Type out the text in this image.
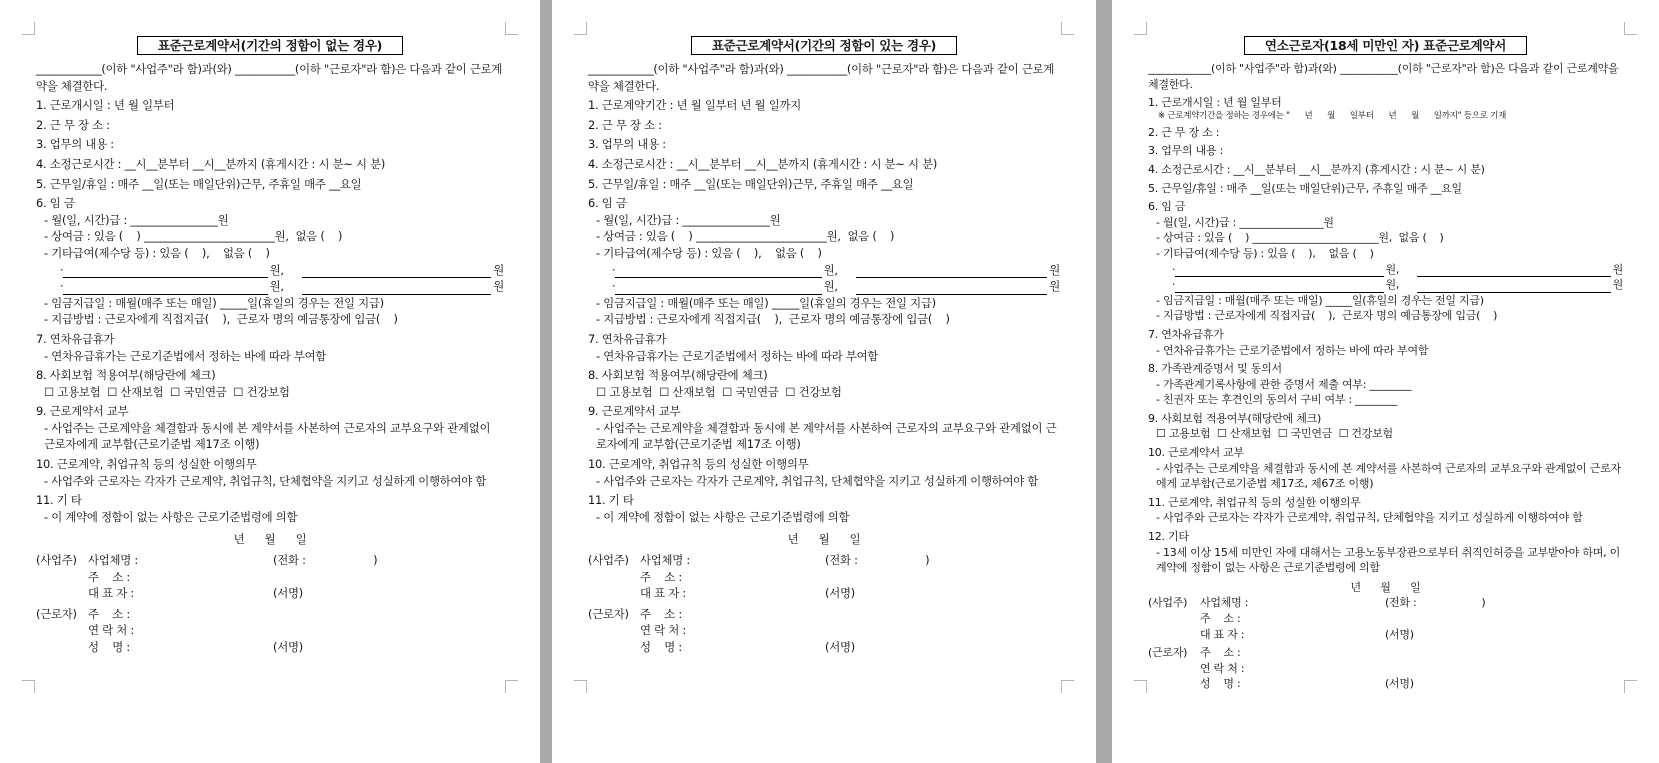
표준근로계약서(기간의 정함이 없는 경우)
____________(이하 "사업주"라 함)과(와) ___________(이하 "근로자"라 함)은 다음과 같이 근로계약을 체결한다.
1. 근로개시일 : 년 월 일부터
2. 근 무 장 소 :
3. 업무의 내용 :
4. 소정근로시간 : __시__분부터 __시__분까지 (휴게시간 : 시 분~ 시 분)
5. 근무일/휴일 : 매주 __일(또는 매일단위)근무, 주휴일 매주 __요일
6. 임 금
- 월(일, 시간)급 : ________________원
- 상여금 : 있음 (    ) ________________________원,  없음 (    )
- 기타급여(제수당 등) : 있음 (    ),    없음 (    )
·	원,	원
·	원,	원
- 임금지급일 : 매월(매주 또는 매일) _____일(휴일의 경우는 전일 지급)
- 지급방법 : 근로자에게 직접지급(    ),  근로자 명의 예금통장에 입금(    )
7. 연차유급휴가
- 연차유급휴가는 근로기준법에서 정하는 바에 따라 부여함
8. 사회보험 적용여부(해당란에 체크)
☐ 고용보험  ☐ 산재보험  ☐ 국민연금  ☐ 건강보험
9. 근로계약서 교부
- 사업주는 근로계약을 체결함과 동시에 본 계약서를 사본하여 근로자의 교부요구와 관계없이 근로자에게 교부함(근로기준법 제17조 이행)
10. 근로계약, 취업규칙 등의 성실한 이행의무
- 사업주와 근로자는 각자가 근로계약, 취업규칙, 단체협약을 지키고 성실하게 이행하여야 함
11. 기 타
- 이 계약에 정함이 없는 사항은 근로기준법령에 의함
년      월      일
(사업주) 사업체명 :	(전화 :                    )
주    소 :
대 표 자 :	(서명)
(근로자) 주    소 :
연 락 처 :
성    명 :	(서명)
표준근로계약서(기간의 정함이 있는 경우)
____________(이하 "사업주"라 함)과(와) ___________(이하 "근로자"라 함)은 다음과 같이 근로계약을 체결한다.
1. 근로계약기간 : 년 월 일부터 년 월 일까지
2. 근 무 장 소 :
3. 업무의 내용 :
4. 소정근로시간 : __시__분부터 __시__분까지 (휴게시간 : 시 분~ 시 분)
5. 근무일/휴일 : 매주 __일(또는 매일단위)근무, 주휴일 매주 __요일
6. 임 금
- 월(일, 시간)급 : ________________원
- 상여금 : 있음 (    ) ________________________원,  없음 (    )
- 기타급여(제수당 등) : 있음 (    ),    없음 (    )
·	원,	원
·	원,	원
- 임금지급일 : 매월(매주 또는 매일) _____일(휴일의 경우는 전일 지급)
- 지급방법 : 근로자에게 직접지급(    ),  근로자 명의 예금통장에 입금(    )
7. 연차유급휴가
- 연차유급휴가는 근로기준법에서 정하는 바에 따라 부여함
8. 사회보험 적용여부(해당란에 체크)
☐ 고용보험  ☐ 산재보험  ☐ 국민연금  ☐ 건강보험
9. 근로계약서 교부
- 사업주는 근로계약을 체결함과 동시에 본 계약서를 사본하여 근로자의 교부요구와 관계없이 근로자에게 교부함(근로기준법 제17조 이행)
10. 근로계약, 취업규칙 등의 성실한 이행의무
- 사업주와 근로자는 각자가 근로계약, 취업규칙, 단체협약을 지키고 성실하게 이행하여야 함
11. 기 타
- 이 계약에 정함이 없는 사항은 근로기준법령에 의함
년      월      일
(사업주) 사업체명 :	(전화 :                    )
주    소 :
대 표 자 :	(서명)
(근로자) 주    소 :
연 락 처 :
성    명 :	(서명)
연소근로자(18세 미만인 자) 표준근로계약서
____________(이하 "사업주"라 함)과(와) ___________(이하 "근로자"라 함)은 다음과 같이 근로계약을 체결한다.
1. 근로개시일 : 년 월 일부터
※ 근로계약기간을 정하는 경우에는 "      년      월      일부터      년      월      일까지" 등으로 기재
2. 근 무 장 소 :
3. 업무의 내용 :
4. 소정근로시간 : __시__분부터 __시__분까지 (휴게시간 : 시 분~ 시 분)
5. 근무일/휴일 : 매주 __일(또는 매일단위)근무, 주휴일 매주 __요일
6. 임 금
- 월(일, 시간)급 : ________________원
- 상여금 : 있음 (    ) ________________________원,  없음 (    )
- 기타급여(제수당 등) : 있음 (    ),    없음 (    )
·	원,	원
·	원,	원
- 임금지급일 : 매월(매주 또는 매일) _____일(휴일의 경우는 전일 지급)
- 지급방법 : 근로자에게 직접지급(    ),  근로자 명의 예금통장에 입금(    )
7. 연차유급휴가
- 연차유급휴가는 근로기준법에서 정하는 바에 따라 부여함
8. 가족관계증명서 및 동의서
- 가족관계기록사항에 관한 증명서 제출 여부: ________
- 친권자 또는 후견인의 동의서 구비 여부 : ________
9. 사회보험 적용여부(해당란에 체크)
☐ 고용보험  ☐ 산재보험  ☐ 국민연금  ☐ 건강보험
10. 근로계약서 교부
- 사업주는 근로계약을 체결함과 동시에 본 계약서를 사본하여 근로자의 교부요구와 관계없이 근로자에게 교부함(근로기준법 제17조, 제67조 이행)
11. 근로계약, 취업규칙 등의 성실한 이행의무
- 사업주와 근로자는 각자가 근로계약, 취업규칙, 단체협약을 지키고 성실하게 이행하여야 함
12. 기타
- 13세 이상 15세 미만인 자에 대해서는 고용노동부장관으로부터 취직인허증을 교부받아야 하며, 이 계약에 정함이 없는 사항은 근로기준법령에 의함
년      월      일
(사업주)	사업체명 :	(전화 :                    )
주    소 :
대 표 자 :	(서명)
(근로자)	주    소 :
연 락 처 :
성    명 :	(서명)
